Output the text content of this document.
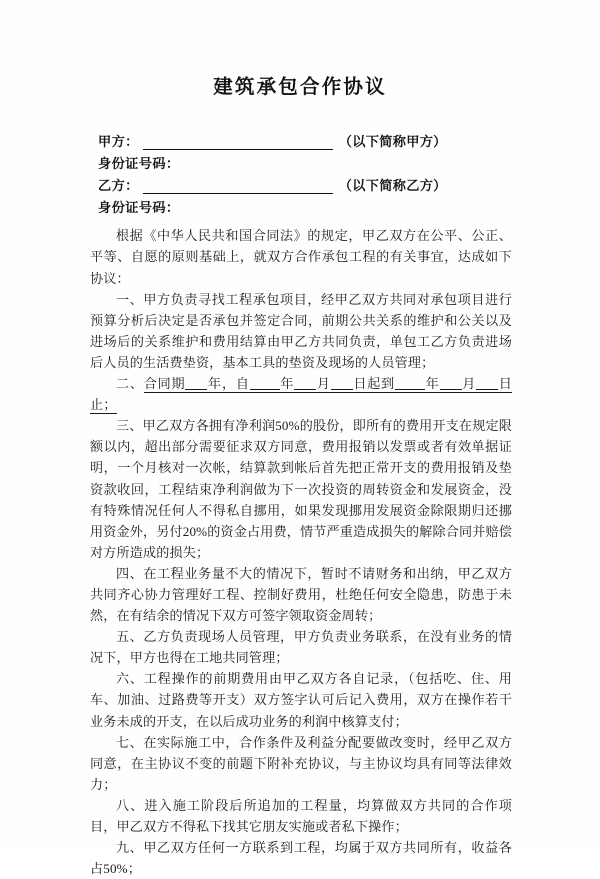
建筑承包合作协议
甲方：	（以下简称甲方）
身份证号码：
乙方：	（以下简称乙方）
身份证号码：

根据《中华人民共和国合同法》的规定，甲乙双方在公平、公正、平等、自愿的原则基础上，就双方合作承包工程的有关事宜，达成如下协议：

一、甲方负责寻找工程承包项目，经甲乙双方共同对承包项目进行预算分析后决定是否承包并签定合同，前期公共关系的维护和公关以及进场后的关系维护和费用结算由甲乙方共同负责，单包工乙方负责进场后人员的生活费垫资，基本工具的垫资及现场的人员管理；

二、合同期 年，自 年 月 日起到 年 月 日止；

三、甲乙双方各拥有净利润50%的股份，即所有的费用开支在规定限额以内，超出部分需要征求双方同意，费用报销以发票或者有效单据证明，一个月核对一次帐，结算款到帐后首先把正常开支的费用报销及垫资款收回，工程结束净利润做为下一次投资的周转资金和发展资金，没有特殊情况任何人不得私自挪用，如果发现挪用发展资金除限期归还挪用资金外，另付20%的资金占用费，情节严重造成损失的解除合同并赔偿对方所造成的损失；

四、在工程业务量不大的情况下，暂时不请财务和出纳，甲乙双方共同齐心协力管理好工程、控制好费用，杜绝任何安全隐患，防患于未然，在有结余的情况下双方可签字领取资金周转；

五、乙方负责现场人员管理，甲方负责业务联系，在没有业务的情况下，甲方也得在工地共同管理；

六、工程操作的前期费用由甲乙双方各自记录，（包括吃、住、用车、加油、过路费等开支）双方签字认可后记入费用，双方在操作若干业务未成的开支，在以后成功业务的利润中核算支付；

七、在实际施工中，合作条件及利益分配要做改变时，经甲乙双方同意，在主协议不变的前题下附补充协议，与主协议均具有同等法律效力；

八、进入施工阶段后所追加的工程量，均算做双方共同的合作项目，甲乙双方不得私下找其它朋友实施或者私下操作；

九、甲乙双方任何一方联系到工程，均属于双方共同所有，收益各占50%；
